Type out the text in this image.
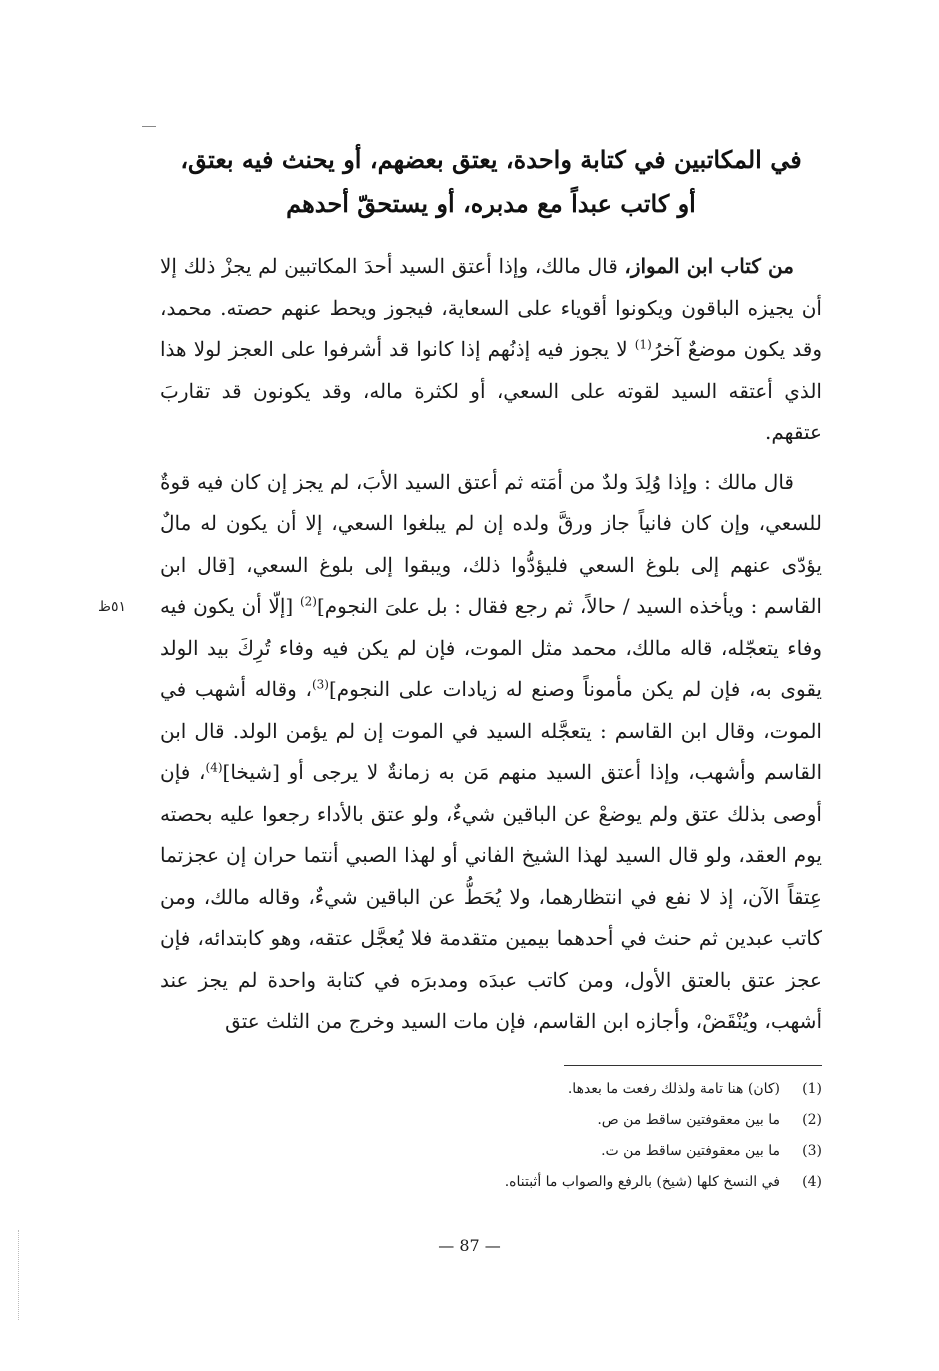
في المكاتبين في كتابة واحدة، يعتق بعضهم، أو يحنث فيه بعتق،
أو كاتب عبداً مع مدبره، أو يستحقّ أحدهم

من كتاب ابن المواز، قال مالك، وإذا أعتق السيد أحدَ المكاتبين لم يجزْ ذلك إلا أن يجيزه الباقون ويكونوا أقوياء على السعاية، فيجوز ويحط عنهم حصته. محمد، وقد يكون موضعٌ آخرُ$^{(1)}$ لا يجوز فيه إذنُهم إذا كانوا قد أشرفوا على العجز لولا هذا الذي أعتقه السيد لقوته على السعي، أو لكثرة ماله، وقد يكونون قد تقاربَ عتقهم.

قال مالك : وإذا وُلِدَ ولدٌ من أمَته ثم أعتق السيد الأبَ، لم يجز إن كان فيه قوةٌ للسعي، وإن كان فانياً جاز ورقَّ ولده إن لم يبلغوا السعي، إلا أن يكون له مالٌ يؤدّى عنهم إلى بلوغ السعي فليؤدُّوا ذلك، ويبقوا إلى بلوغ السعي، [قال ابن القاسم : ويأخذه السيد / حالاً، ثم رجع فقال : بل علىَ النجوم]$^{(2)}$ [إلّا أن يكون فيه وفاء يتعجّله، قاله مالك، محمد مثل الموت، فإن لم يكن فيه وفاء تُرِكَ بيد الولد يقوى به، فإن لم يكن مأموناً وصنع له زيادات على النجوم]$^{(3)}$، وقاله أشهب في الموت، وقال ابن القاسم : يتعجَّله السيد في الموت إن لم يؤمن الولد. قال ابن القاسم وأشهب، وإذا أعتق السيد منهم مَن به زمانةٌ لا يرجى أو [شيخا]$^{(4)}$، فإن أوصى بذلك عتق ولم يوضعْ عن الباقين شيءٌ، ولو عتق بالأداء رجعوا عليه بحصته يوم العقد، ولو قال السيد لهذا الشيخ الفاني أو لهذا الصبي أنتما حران إن عجزتما عِتقاً الآن، إذ لا نفع في انتظارهما، ولا يُحَطُّ عن الباقين شيءٌ، وقاله مالك، ومن كاتب عبدين ثم حنث في أحدهما بيمين متقدمة فلا يُعجَّل عتقه، وهو كابتدائه، فإن عجز عتق بالعتق الأول، ومن كاتب عبدَه ومدبرَه في كتابة واحدة لم يجز عند أشهب، ويُنْقَضْ، وأجازه ابن القاسم، فإن مات السيد وخرج من الثلث عتق

٥١ظ
(1)
(كان) هنا تامة ولذلك رفعت ما بعدها.
(2)
ما بين معقوفتين ساقط من ص.
(3)
ما بين معقوفتين ساقط من ت.
(4)
في النسخ كلها (شيخ) بالرفع والصواب ما أثبتناه.
— 87 —
